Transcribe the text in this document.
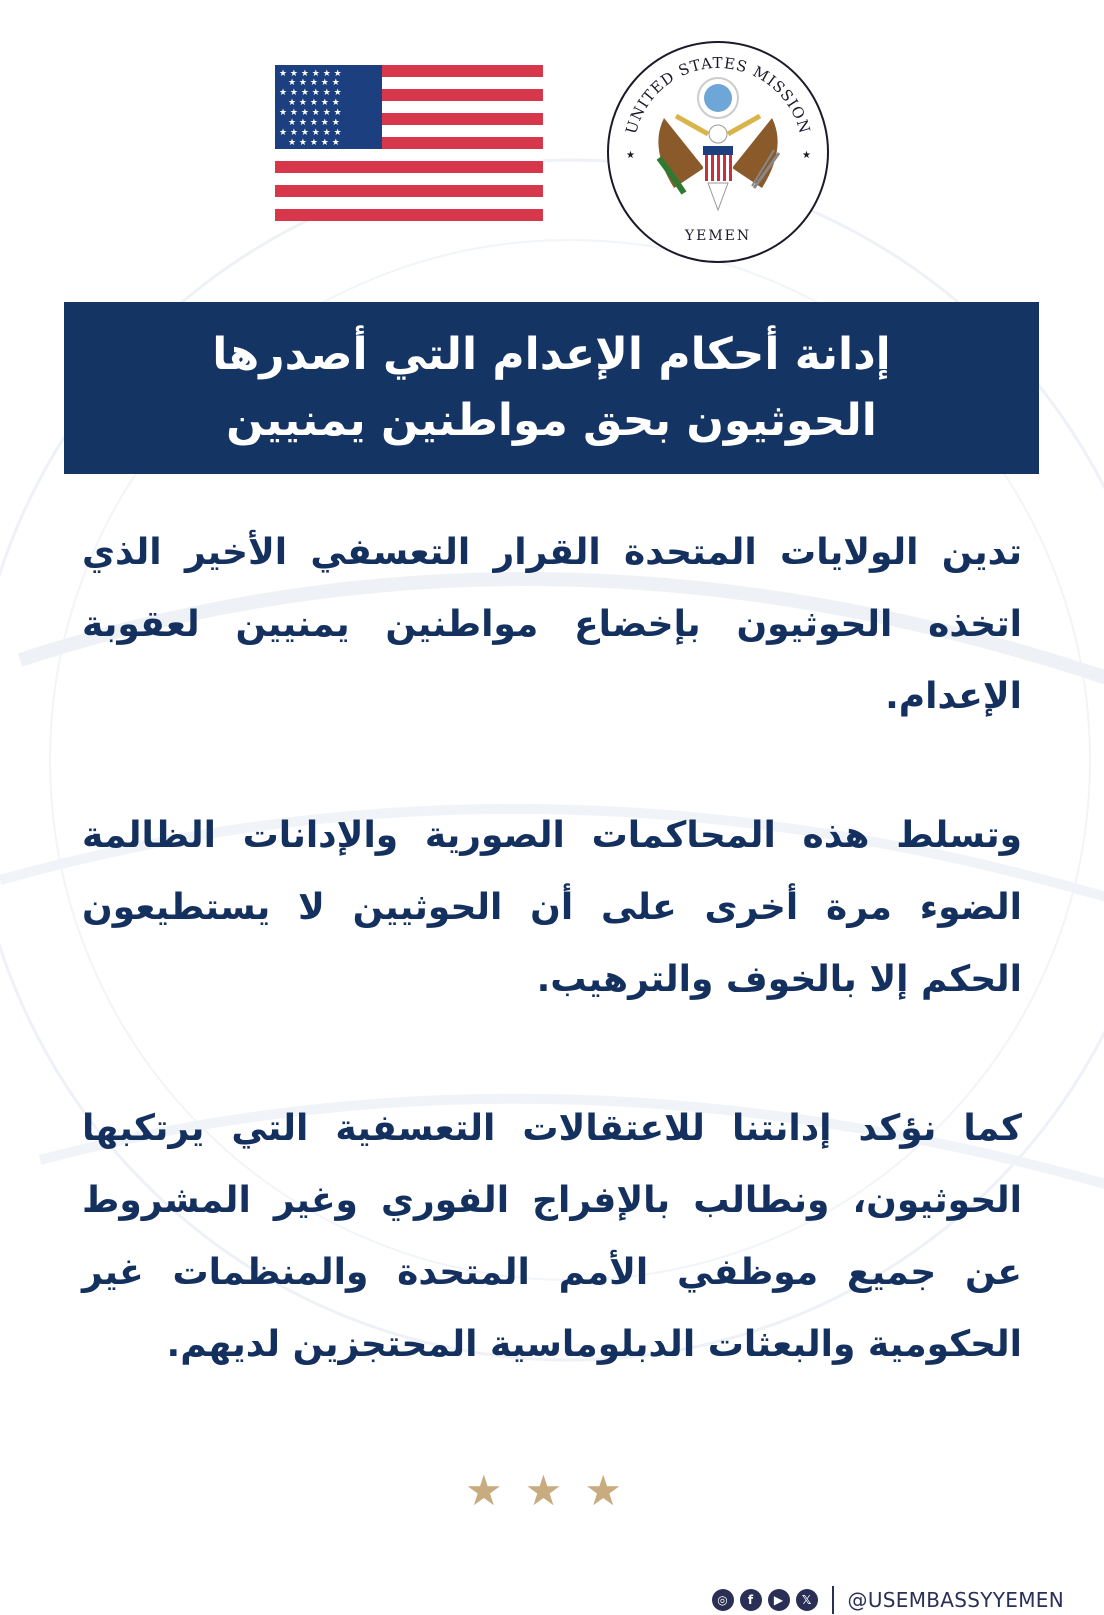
★ ★ ★ ★ ★ ★
★ ★ ★ ★ ★
★ ★ ★ ★ ★ ★
★ ★ ★ ★ ★
★ ★ ★ ★ ★ ★
★ ★ ★ ★ ★
★ ★ ★ ★ ★ ★
★ ★ ★ ★ ★
UNITED STATES MISSION
YEMEN
★	★
إدانة أحكام الإعدام التي أصدرها
الحوثيون بحق مواطنين يمنيين
تدين الولايات المتحدة القرار التعسفي الأخير الذي اتخذه الحوثيون بإخضاع مواطنين يمنيين لعقوبة الإعدام.
وتسلط هذه المحاكمات الصورية والإدانات الظالمة الضوء مرة أخرى على أن الحوثيين لا يستطيعون الحكم إلا بالخوف والترهيب.
كما نؤكد إدانتنا للاعتقالات التعسفية التي يرتكبها الحوثيون، ونطالب بالإفراج الفوري وغير المشروط عن جميع موظفي الأمم المتحدة والمنظمات غير الحكومية والبعثات الدبلوماسية المحتجزين لديهم.
★ ★ ★
◎	f	▶	𝕏	@USEMBASSYYEMEN
